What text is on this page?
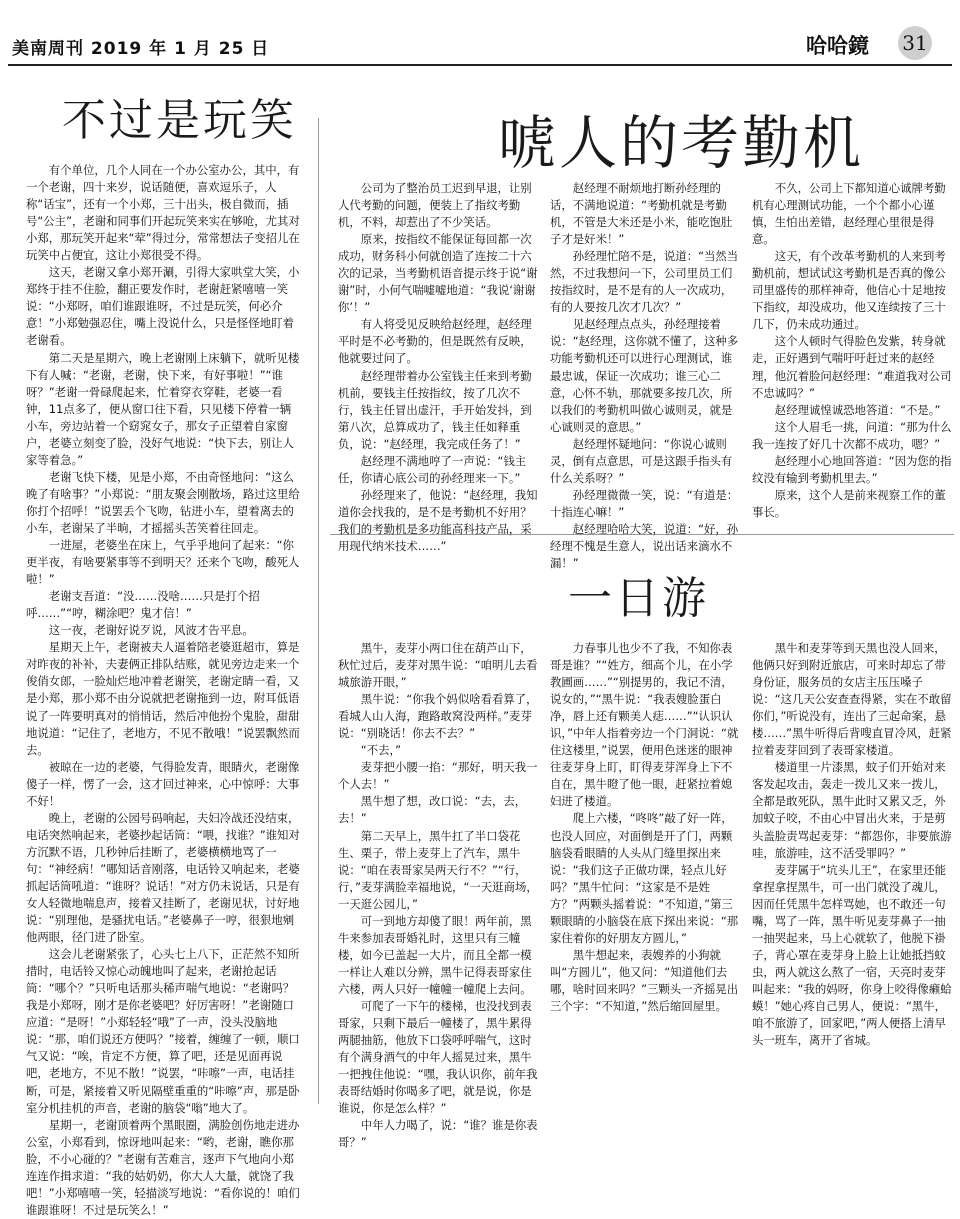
美南周刊 2019 年 1 月 25 日	哈哈鏡 31
不过是玩笑	唬人的考勤机
一日游

有个单位，几个人同在一个办公室办公，其中，有一个老谢，四十来岁，说话随便，喜欢逗乐子，人称“话宝”，还有一个小郑，三十出头，极自微而，插号“公主”，老谢和同事们开起玩笑来实在够呛，尤其对小郑，那玩笑开起来“荤”得过分，常常想法子变招儿在玩笑中占便宜，这让小郑很受不得。

这天，老谢又拿小郑开涮，引得大家哄堂大笑，小郑终于挂不住脸，翻正要发作时，老谢赶紧嘻嘻一笑说：“小郑呀，咱们谁跟谁呀，不过是玩笑，何必介意！”小郑勉强忍住，嘴上没说什么，只是怪怪地盯着老谢看。

第二天是星期六，晚上老谢刚上床躺下，就听见楼下有人喊：“老谢，老谢，快下来，有好事啦！”“谁呀？”老谢一骨碌爬起来，忙着穿衣穿鞋，老婆一看钟，11点多了，便从窗口往下看，只见楼下停着一辆小车，旁边站着一个窈窕女子，那女子正望着自家窗户，老婆立刻变了脸，没好气地说：“快下去，别让人家等着急。”

老谢飞快下楼，见是小郑，不由奇怪地问：“这么晚了有啥事？”小郑说：“朋友聚会刚散场，路过这里给你打个招呼！”说罢丢个飞吻，钻进小车，望着离去的小车，老谢呆了半晌，才摇摇头苦笑着往回走。

一进屋，老婆坐在床上，气乎乎地问了起来：“你更半夜，有啥要紧事等不到明天？还来个飞吻，酸死人啦！”

老谢支吾道：“没……没啥……只是打个招呼……”“哼，糊涂吧？鬼才信！”

这一夜，老谢好说歹说，风波才告平息。

星期天上午，老谢被夫人逼着陪老婆逛超市，算是对昨夜的补补，夫妻俩正排队结账，就见旁边走来一个俊俏女郎，一脸灿烂地冲着老谢笑，老谢定睛一看，又是小郑，那小郑不由分说就把老谢拖到一边，附耳低语说了一阵要明真对的悄悄话，然后冲他扮个鬼脸，甜甜地说道：“记住了，老地方，不见不散哦！”说罢飘然而去。

被晾在一边的老婆，气得脸发青，眼睛火，老谢像傻子一样，愣了一会，这才回过神来，心中惊呼：大事不好！

晚上，老谢的公园号码响起，夫妇冷战还没结束，电话突然响起来，老婆抄起话筒：“喂，找谁？”谁知对方沉默不语，几秒钟后挂断了，老婆横横地骂了一句：“神经病！”哪知话音刚落，电话铃又响起来，老婆抓起话筒吼道：“谁呀？说话！”对方仍未说话，只是有女人轻微地喘息声，接着又挂断了，老谢见状，讨好地说：“别理他，是骚扰电话。”老婆鼻子一哼，很狠地剜他两眼，径门进了卧室。

这会儿老谢紧张了，心头七上八下，正茫然不知所措时，电话铃又惊心动魄地叫了起来，老谢抢起话筒：“哪个？”只听电话那头稀声喘气地说：“老谢吗？我是小郑呀，刚才是你老婆吧？好厉害呀！”老谢随口应道：“是呀！”小郑轻轻“哦”了一声，没头没脑地说：“那，咱们说还方便吗？”接着，缠缠了一顿，顺口气又说：“唉，肯定不方便，算了吧，还是见面再说吧，老地方，不见不散！”说罢，“咔嚓”一声，电话挂断，可是，紧接着又听见隔壁重重的“咔嚓”声，那是卧室分机挂机的声音，老谢的脑袋“嗡”地大了。

星期一，老谢顶着两个黑眼圈，满脸创伤地走进办公室，小郑看到，惊讶地叫起来：“哟，老谢，瞧你那脸，不小心碰的？”老谢有苦难言，逐声下气地向小郑连连作揖求道：“我的姑奶奶，你大人大量，就饶了我吧！”小郑嘻嘻一笑，轻描淡写地说：“看你说的！咱们谁跟谁呀！不过是玩笑么！”

公司为了整治员工迟到早退，让别人代考勤的问题，便装上了指纹考勤机，不料，却惹出了不少笑话。

原来，按指纹不能保证每回都一次成功，财务科小何就创造了连按二十六次的记录，当考勤机语音提示终于说“谢谢”时，小何气喘嘘嘘地道：“我说‘谢谢你’！”

有人将受见反映给赵经理，赵经理平时是不必考勤的，但是既然有反映，他就要过问了。

赵经理带着办公室钱主任来到考勤机前，要钱主任按指纹，按了几次不行，钱主任冒出虚汗，手开始发抖，到第八次，总算成功了，钱主任如释重负，说：“赵经理，我完成任务了！”

赵经理不满地哼了一声说：“钱主任，你请心底公司的孙经理来一下。”

孙经理来了，他说：“赵经理，我知道你会找我的，是不是考勤机不好用？我们的考勤机是多功能高科技产品，采用现代纳米技术……”

赵经理不耐烦地打断孙经理的话，不满地说道：“考勤机就是考勤机，不管是大米还是小米，能吃饱肚子才是好米！”

孙经理忙陪不是，说道：“当然当然，不过我想问一下，公司里员工们按指纹时，是不是有的人一次成功，有的人要按几次才几次？”

见赵经理点点头，孙经理接着说：“赵经理，这你就不懂了，这种多功能考勤机还可以进行心理测试，谁最忠诚，保证一次成功；谁三心二意，心怀不轨，那就要多按几次，所以我们的考勤机叫做心诚则灵，就是心诚则灵的意思。”

赵经理怀疑地问：“你说心诚则灵，倒有点意思，可是这跟手指头有什么关系呀？”

孙经理微微一笑，说：“有道是：十指连心嘛！”

赵经理哈哈大笑，说道：“好，孙经理不愧是生意人，说出话来滴水不漏！”

不久，公司上下都知道心诚牌考勤机有心理测试功能，一个个都小心谨慎，生怕出差错，赵经理心里很是得意。

这天，有个改革考勤机的人来到考勤机前，想试试这考勤机是否真的像公司里盛传的那样神奇，他信心十足地按下指纹，却没成功，他又连续按了三十几下，仍未成功通过。

这个人顿时气得脸色发紫，转身就走，正好遇到气喘吁吁赶过来的赵经理，他沉着脸问赵经理：“难道我对公司不忠诚吗？”

赵经理诚惶诚恐地答道：“不是。”

这个人眉毛一挑，问道：“那为什么我一连按了好几十次都不成功，嗯？”

赵经理小心地回答道：“因为您的指纹没有输到考勤机里去。”

原来，这个人是前来视察工作的董事长。

黑牛，麦芽小两口住在葫芦山下，秋忙过后，麦芽对黑牛说：“咱明儿去看城旅游开眼，”

黑牛说：“你我个妈似啥看看算了，看城人山人海，跑路敢窝没两样。”麦芽说：“别晓话！你去不去？”

“不去，”

麦芽把小腰一掐：“那好，明天我一个人去！”

黑牛想了想，改口说：“去，去，去！”

第二天早上，黑牛扛了半口袋花生、栗子，带上麦芽上了汽车，黑牛说：“咱在表哥家吴两天行不？”“行，行，”麦芽满脸幸福地说，“一天逛商场，一天逛公园儿，”

可一到地方却傻了眼！两年前，黑牛来参加表哥婚礼时，这里只有三幢楼，如今已盖起一大片，而且全都一模一样让人难以分辨，黑牛记得表哥家住六楼，两人只好一幢幢一幢爬上去问。

可爬了一下午的楼梯，也没找到表哥家，只剩下最后一幢楼了，黑牛累得两腿抽筋，他放下口袋呼呼喘气，这时有个满身酒气的中年人摇晃过来，黑牛一把拽住他说：“嘿，我认识你，前年我表哥结婚时你喝多了吧，就是说，你是谁说，你是怎么样？”

中年人力喝了，说：“谁？谁是你表哥？”

力春事儿也少不了我，不知你表哥是谁？”“姓方，细高个儿，在小学教圃画……”“别提男的，我记不清，说女的，”“黑牛说：“我表嫂脸蛋白净，唇上还有颗美人痣……”“认识认识，”中年人指着旁边一个门洞说：“就住这楼里，”说罢，便用色迷迷的眼神往麦芽身上盯，盯得麦芽浑身上下不自在，黑牛瞪了他一眼，赶紧拉着媳妇进了楼道。

爬上六楼，“咚咚”敲了好一阵，也没人回应，对面倒是开了门，两颗脑袋看眼睛的人头从门缝里探出来说：“我们这子正做功课，轻点儿好吗？”黑牛忙问：“这家是不是姓方？”两颗头摇着说：“不知道，”第三颗眼睛的小脑袋在底下探出来说：“那家住着你的好朋友方圆儿，”

黑牛想起来，表嫂养的小狗就叫“方圆儿”，他又问：“知道他们去哪，啥时回来吗？”三颗头一齐摇晃出三个字：“不知道，”然后缩回屋里。

黑牛和麦芽等到天黑也没人回来，他俩只好到附近旅店，可来时却忘了带身份证，服务员的女店主压压嗓子说：“这几天公安查查得紧，实在不敢留你们，”听说没有，连出了三起命案，悬楼……”黑牛听得后背嗖直冒冷风，赶紧拉着麦芽回到了表哥家楼道。

楼道里一片漆黑，蚊子们开始对来客发起攻击，轰走一拨儿又来一拨儿，全都是敢死队，黑牛此时又累又乏，外加蚊子咬，不由心中冒出火来，于是剪头盖脸责骂起麦芽：“都怨你，非要旅游哇，旅游哇，这不活受罪吗？”

麦芽属于“坑头儿王”，在家里还能拿捏拿捏黑牛，可一出门就没了魂儿，因而任凭黑牛怎样骂她，也不敢还一句嘴，骂了一阵，黑牛听见麦芽鼻子一抽一抽哭起来，马上心就软了，他脱下褂子，背心罩在麦芽身上脸上让她抵挡蚊虫，两人就这么熬了一宿，天亮时麦芽叫起来：“我的妈呀，你身上咬得像癞蛤蟆！”她心疼自己男人，便说：“黑牛，咱不旅游了，回家吧，”两人便搭上清早头一班车，离开了省城。
